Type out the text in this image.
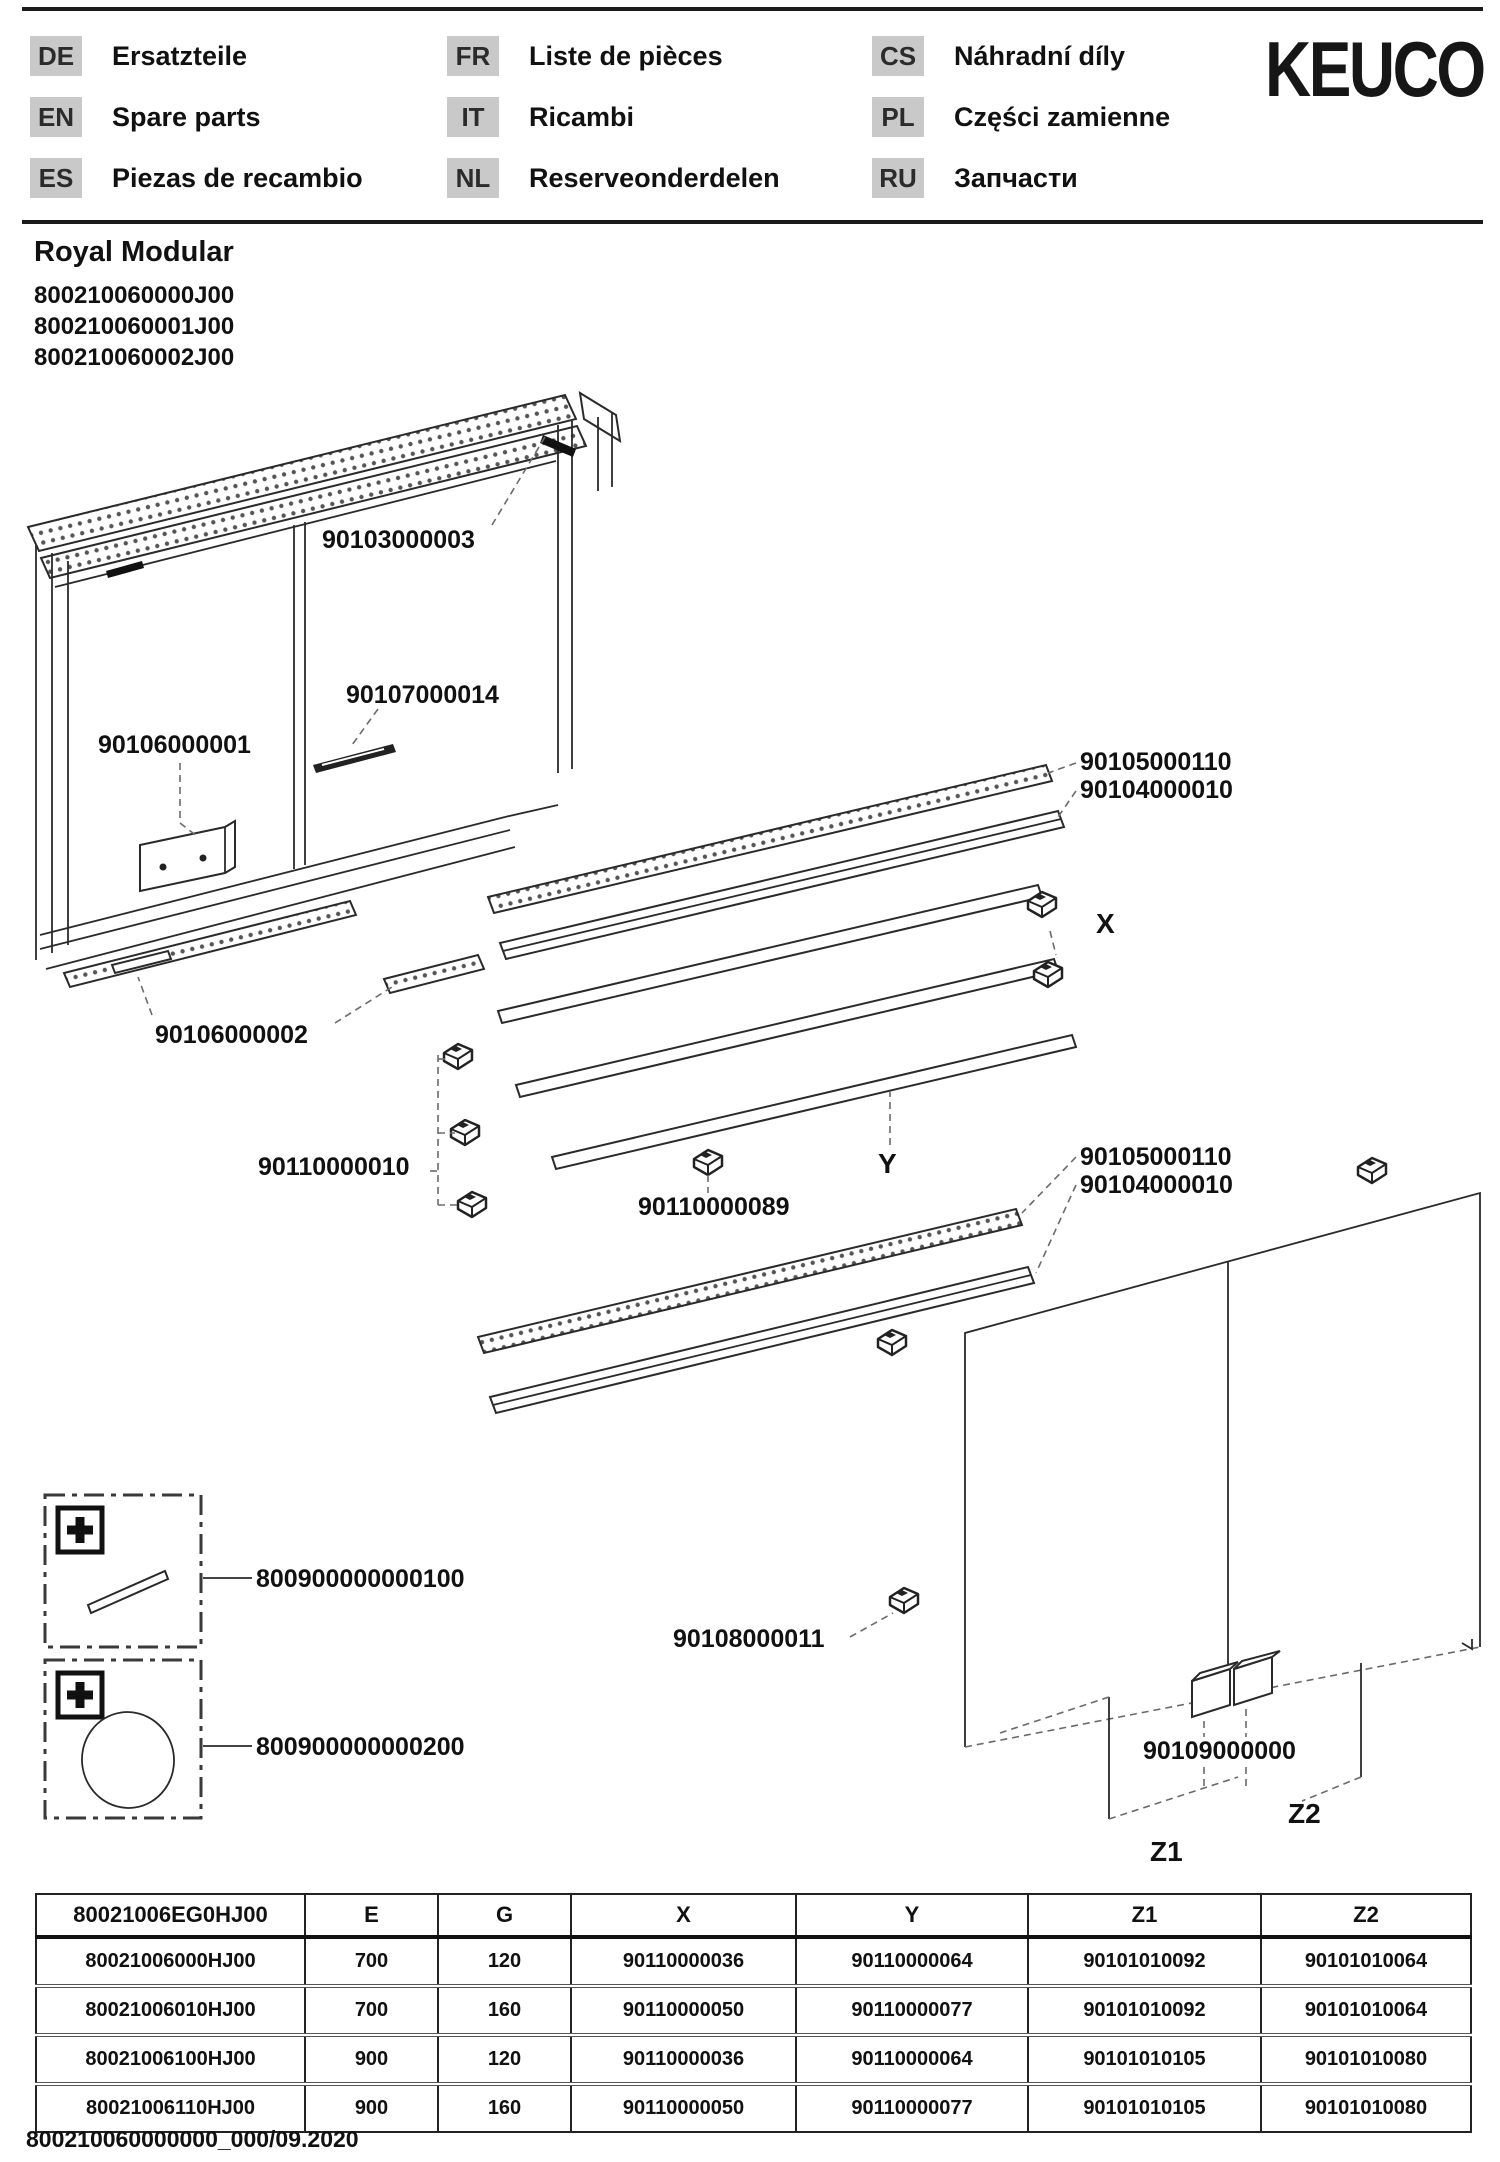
DE Ersatzteile
EN Spare parts
ES	Piezas de recambio
FR	Liste de pièces
IT	Ricambi
NL	Reserveonderdelen
CS Náhradní díly
PL	Części zamienne
RU Запчасти
KEUCO
Royal Modular
800210060000J00
800210060001J00
800210060002J00
90103000003
90107000014
90106000001
90106000002
90105000110
90104000010
X
90110000010
90110000089
Y	90105000110
90104000010
90108000011
800900000000100
800900000000200	90109000000
Z2
Z1
80021006EG0HJ00	E	G	X	Y	Z1	Z2
80021006000HJ00	700	120	90110000036	90110000064	90101010092	90101010064
80021006010HJ00	700	160	90110000050	90110000077	90101010092	90101010064
80021006100HJ00	900	120	90110000036	90110000064	90101010105	90101010080
80021006110HJ00	900	160	90110000050	90110000077	90101010105	90101010080
800210060000000_000/09.2020
